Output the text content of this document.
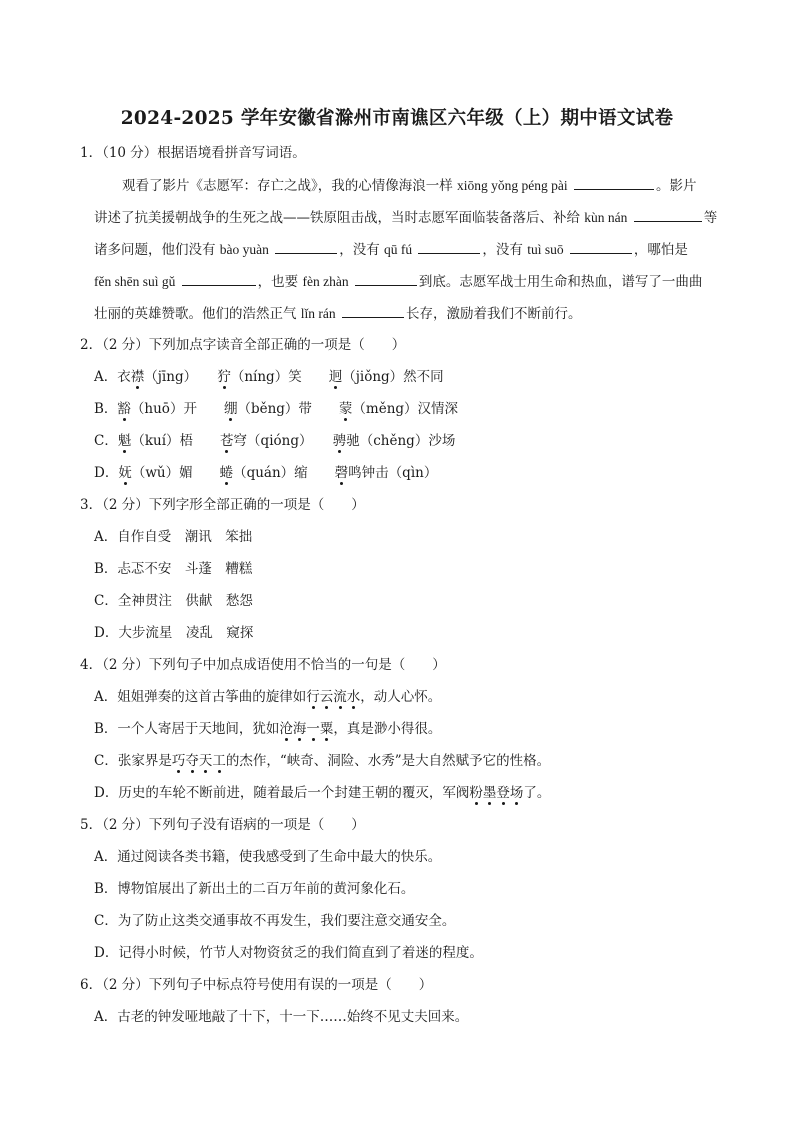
2024-2025 学年安徽省滁州市南谯区六年级（上）期中语文试卷
1．（10 分）根据语境看拼音写词语。
观看了影片《志愿军：存亡之战》，我的心情像海浪一样 xiōng yǒng péng pài	。影片
讲述了抗美援朝战争的生死之战——铁原阻击战，当时志愿军面临装备落后、补给 kùn nán	等
诸多问题，他们没有 bào yuàn	，没有 qū fú	，没有 tuì suō	，哪怕是
fěn shēn suì gǔ	，也要 fèn zhàn	到底。志愿军战士用生命和热血，谱写了一曲曲
壮丽的英雄赞歌。他们的浩然正气 lǐn rán	长存，激励着我们不断前行。
2．（2 分）下列加点字读音全部正确的一项是（　　）
A．衣襟（jīng）　　狞（níng）笑　　迥（jiǒng）然不同
B．豁（huō）开　　绷（běng）带　　蒙（měng）汉情深
C．魁（kuí）梧　　苍穹（qióng）　　骋驰（chěng）沙场
D．妩（wǔ）媚　　蜷（quán）缩　　磬鸣钟击（qìn）
3．（2 分）下列字形全部正确的一项是（　　）
A．自作自受　潮讯　笨拙
B．忐忑不安　斗蓬　糟糕
C．全神贯注　供献　愁怨
D．大步流星　凌乱　窥探
4．（2 分）下列句子中加点成语使用不恰当的一句是（　　）
A．姐姐弹奏的这首古筝曲的旋律如行云流水，动人心怀。
B．一个人寄居于天地间，犹如沧海一粟，真是渺小得很。
C．张家界是巧夺天工的杰作，“峡奇、洞险、水秀”是大自然赋予它的性格。
D．历史的车轮不断前进，随着最后一个封建王朝的覆灭，军阀粉墨登场了。
5．（2 分）下列句子没有语病的一项是（　　）
A．通过阅读各类书籍，使我感受到了生命中最大的快乐。
B．博物馆展出了新出土的二百万年前的黄河象化石。
C．为了防止这类交通事故不再发生，我们要注意交通安全。
D．记得小时候，竹节人对物资贫乏的我们简直到了着迷的程度。
6．（2 分）下列句子中标点符号使用有误的一项是（　　）
A．古老的钟发哑地敲了十下，十一下……始终不见丈夫回来。
